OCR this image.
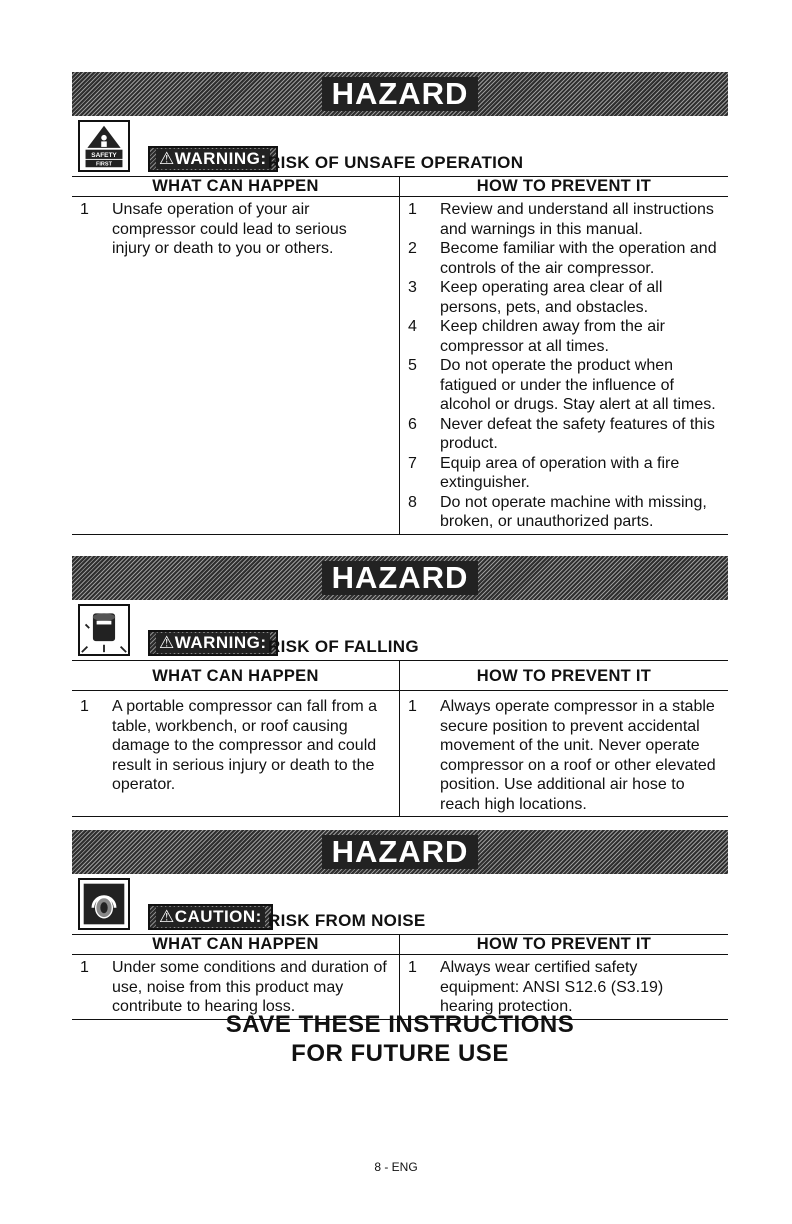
HAZARD
SAFETY
FIRST	⚠WARNING: RISK OF UNSAFE OPERATION
WHAT CAN HAPPEN
1	Unsafe operation of your air compressor could lead to serious injury or death to you or others.
HOW TO PREVENT IT
1	Review and understand all instructions and warnings in this manual.
2	Become familiar with the operation and controls of the air compressor.
3	Keep operating area clear of all persons, pets, and obstacles.
4	Keep children away from the air compressor at all times.
5	Do not operate the product when fatigued or under the influence of alcohol or drugs. Stay alert at all times.
6	Never defeat the safety features of this product.
7	Equip area of operation with a fire extinguisher.
8	Do not operate machine with missing, broken, or unauthorized parts.
HAZARD
⚠WARNING: RISK OF FALLING
WHAT CAN HAPPEN
1	A portable compressor can fall from a table, workbench, or roof causing damage to the compressor and could result in serious injury or death to the operator.
HOW TO PREVENT IT
1	Always operate compressor in a stable secure position to prevent accidental movement of the unit. Never operate compressor on a roof or other elevated position. Use additional air hose to reach high locations.
HAZARD
⚠CAUTION: RISK FROM NOISE
WHAT CAN HAPPEN
1	Under some conditions and duration of use, noise from this product may contribute to hearing loss.
HOW TO PREVENT IT
1	Always wear certified safety equipment: ANSI S12.6 (S3.19) hearing protection.
SAVE THESE INSTRUCTIONS
FOR FUTURE USE
8 - ENG
